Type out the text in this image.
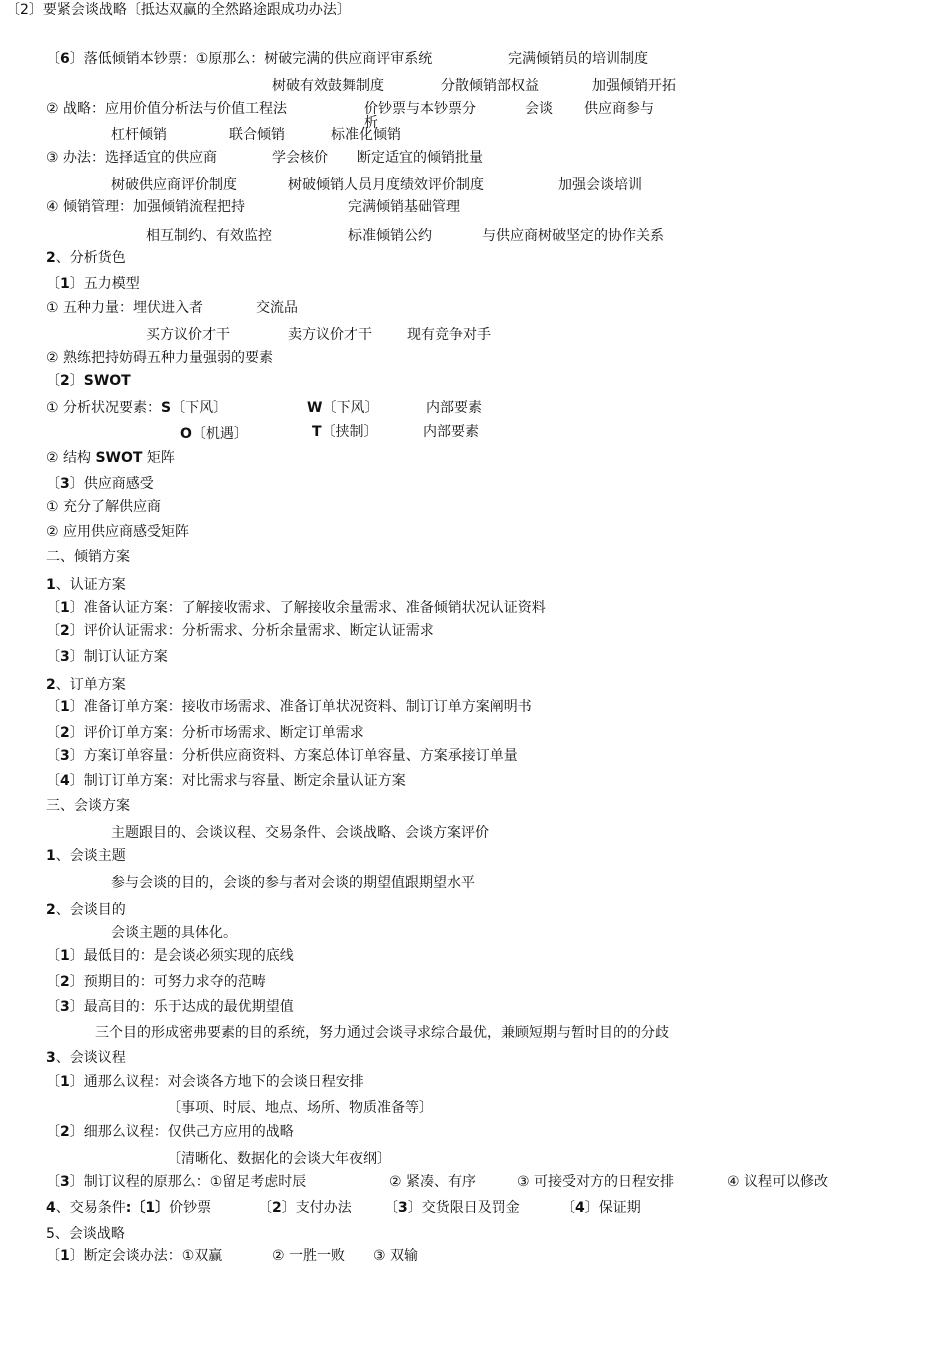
〔2〕要紧会谈战略〔抵达双赢的全然路途跟成功办法〕
〔6〕落低倾销本钞票：①原那么：树破完满的供应商评审系统	完满倾销员的培训制度
树破有效鼓舞制度	分散倾销部权益	加强倾销开拓
② 战略：应用价值分析法与价值工程法	价钞票与本钞票分	会谈 供应商参与
析
杠杆倾销	联合倾销	标准化倾销
③ 办法：选择适宜的供应商	学会核价 断定适宜的倾销批量
树破供应商评价制度	树破倾销人员月度绩效评价制度	加强会谈培训
④ 倾销管理：加强倾销流程把持	完满倾销基础管理
相互制约、有效监控	标准倾销公约	与供应商树破坚定的协作关系
2、分析货色
〔1〕五力模型
① 五种力量：埋伏进入者	交流品
买方议价才干	卖方议价才干	现有竞争对手
② 熟练把持妨碍五种力量强弱的要素
〔2〕SWOT
① 分析状况要素：S〔下风〕	W〔下风〕	内部要素
O〔机遇〕	T〔挟制〕	内部要素
② 结构 SWOT 矩阵
〔3〕供应商感受
① 充分了解供应商
② 应用供应商感受矩阵
二、倾销方案
1、认证方案
〔1〕准备认证方案：了解接收需求、了解接收余量需求、准备倾销状况认证资料
〔2〕评价认证需求：分析需求、分析余量需求、断定认证需求
〔3〕制订认证方案
2、订单方案
〔1〕准备订单方案：接收市场需求、准备订单状况资料、制订订单方案阐明书
〔2〕评价订单方案：分析市场需求、断定订单需求
〔3〕方案订单容量：分析供应商资料、方案总体订单容量、方案承接订单量
〔4〕制订订单方案：对比需求与容量、断定余量认证方案
三、会谈方案
主题跟目的、会谈议程、交易条件、会谈战略、会谈方案评价
1、会谈主题
参与会谈的目的，会谈的参与者对会谈的期望值跟期望水平
2、会谈目的
会谈主题的具体化。
〔1〕最低目的：是会谈必须实现的底线
〔2〕预期目的：可努力求夺的范畴
〔3〕最高目的：乐于达成的最优期望值
三个目的形成密弗要素的目的系统，努力通过会谈寻求综合最优，兼顾短期与暂时目的的分歧
3、会谈议程
〔1〕通那么议程：对会谈各方地下的会谈日程安排
〔事项、时辰、地点、场所、物质准备等〕
〔2〕细那么议程：仅供己方应用的战略
〔清晰化、数据化的会谈大年夜纲〕
〔3〕制订议程的原那么：①留足考虑时辰	② 紧凑、有序	③ 可接受对方的日程安排	④ 议程可以修改
4、交易条件:〔1〕价钞票	〔2〕支付办法 〔3〕交货限日及罚金	〔4〕保证期
5、会谈战略
〔1〕断定会谈办法：①双赢	② 一胜一败 ③ 双输
